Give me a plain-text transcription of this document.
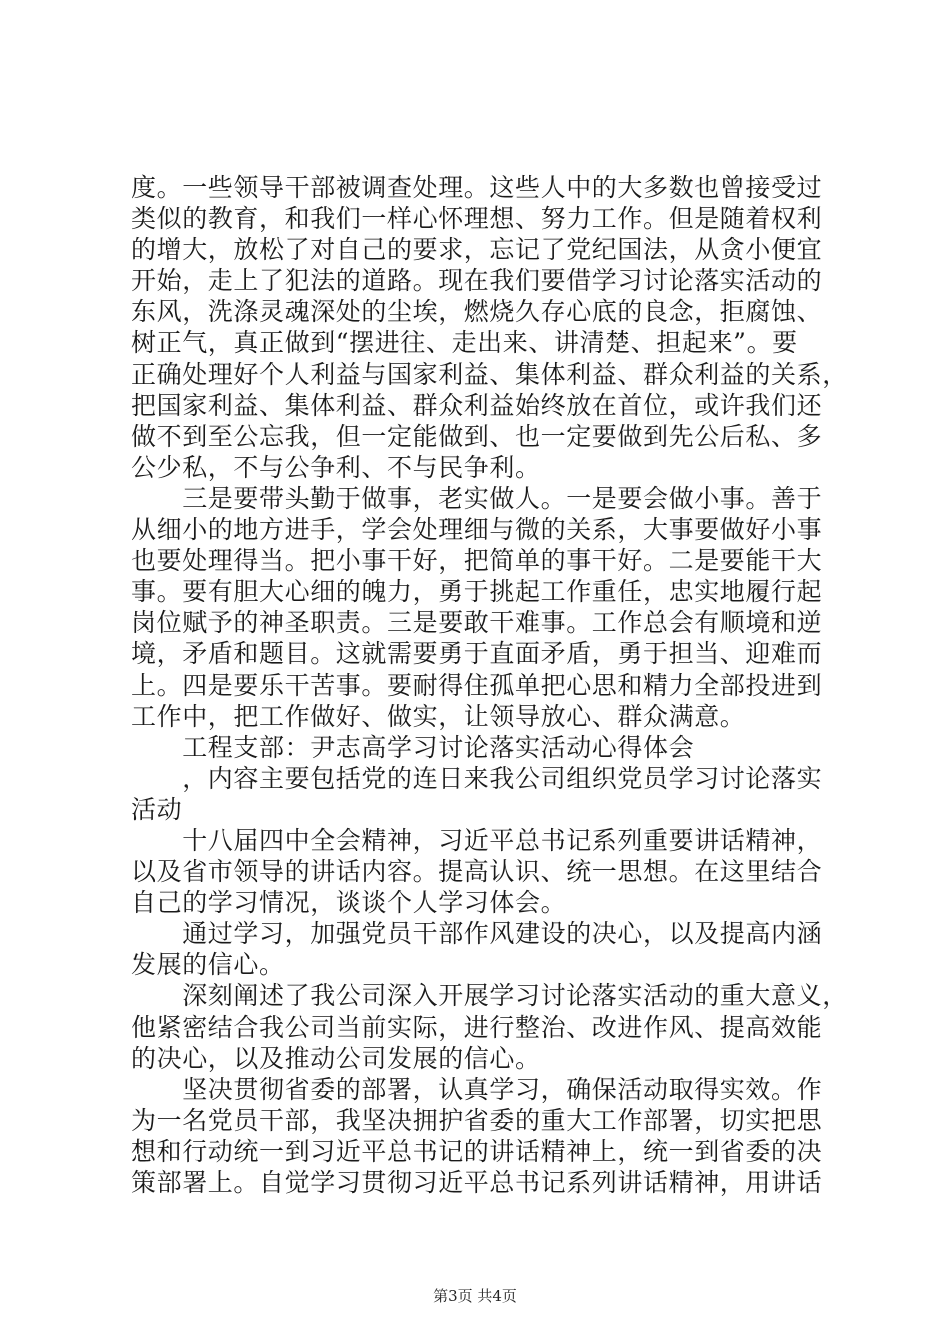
度。一些领导干部被调查处理。这些人中的大多数也曾接受过
类似的教育，和我们一样心怀理想、努力工作。但是随着权利
的增大，放松了对自己的要求，忘记了党纪国法，从贪小便宜
开始，走上了犯法的道路。现在我们要借学习讨论落实活动的
东风，洗涤灵魂深处的尘埃，燃烧久存心底的良念，拒腐蚀、
树正气，真正做到“摆进往、走出来、讲清楚、担起来”。要
正确处理好个人利益与国家利益、集体利益、群众利益的关系，
把国家利益、集体利益、群众利益始终放在首位，或许我们还
做不到至公忘我，但一定能做到、也一定要做到先公后私、多
公少私，不与公争利、不与民争利。
　　三是要带头勤于做事，老实做人。一是要会做小事。善于
从细小的地方进手，学会处理细与微的关系，大事要做好小事
也要处理得当。把小事干好，把简单的事干好。二是要能干大
事。要有胆大心细的魄力，勇于挑起工作重任，忠实地履行起
岗位赋予的神圣职责。三是要敢干难事。工作总会有顺境和逆
境，矛盾和题目。这就需要勇于直面矛盾，勇于担当、迎难而
上。四是要乐干苦事。要耐得住孤单把心思和精力全部投进到
工作中，把工作做好、做实，让领导放心、群众满意。
　　工程支部：尹志高学习讨论落实活动心得体会
　　，内容主要包括党的连日来我公司组织党员学习讨论落实
活动
　　十八届四中全会精神，习近平总书记系列重要讲话精神，
以及省市领导的讲话内容。提高认识、统一思想。在这里结合
自己的学习情况，谈谈个人学习体会。
　　通过学习，加强党员干部作风建设的决心，以及提高内涵
发展的信心。
　　深刻阐述了我公司深入开展学习讨论落实活动的重大意义，
他紧密结合我公司当前实际，进行整治、改进作风、提高效能
的决心，以及推动公司发展的信心。
　　坚决贯彻省委的部署，认真学习，确保活动取得实效。作
为一名党员干部，我坚决拥护省委的重大工作部署，切实把思
想和行动统一到习近平总书记的讲话精神上，统一到省委的决
策部署上。自觉学习贯彻习近平总书记系列讲话精神，用讲话
第3页 共4页
